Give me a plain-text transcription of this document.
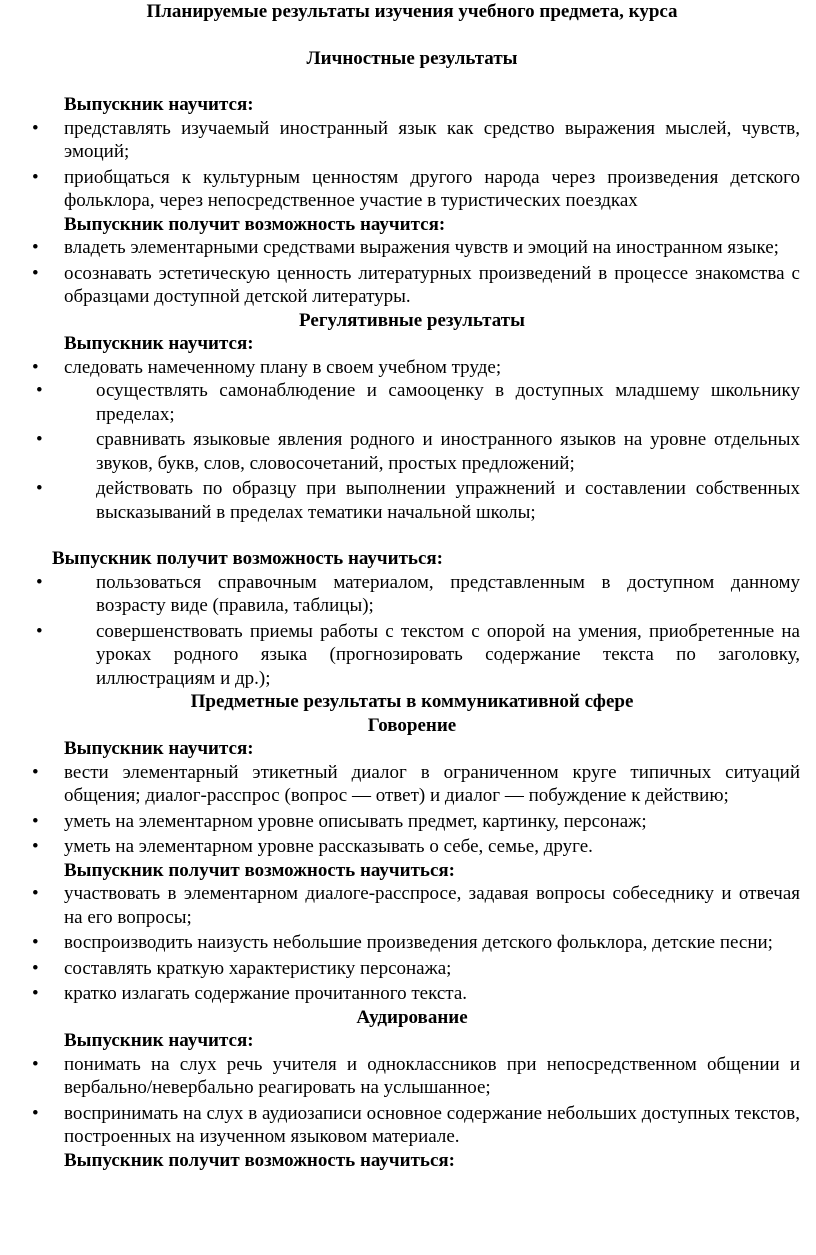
Планируемые результаты изучения учебного предмета, курса

Личностные результаты

Выпускник научится:

•	представлять изучаемый иностранный язык как средство выражения мыслей, чувств, эмоций;
•	приобщаться к культурным ценностям другого народа через произведения детского фольклора, через непосредственное участие в туристических поездках

Выпускник получит возможность научится:

•	владеть элементарными средствами выражения чувств и эмоций на иностранном языке;
•	осознавать эстетическую ценность литературных произведений в процессе знакомства с образцами доступной детской литературы.

Регулятивные результаты

Выпускник научится:

•	следовать намеченному плану в своем учебном труде;
•	осуществлять самонаблюдение и самооценку в доступных младшему школьнику пределах;
•	сравнивать языковые явления родного и иностранного языков на уровне отдельных звуков, букв, слов, словосочетаний, простых предложений;
•	действовать по образцу при выполнении упражнений и составлении собственных высказываний в пределах тематики начальной школы;

Выпускник получит возможность научиться:

•	пользоваться справочным материалом, представленным в доступном данному возрасту виде (правила, таблицы);
•	совершенствовать приемы работы с текстом с опорой на умения, приобретенные на уроках родного языка (прогнозировать содержание текста по заголовку, иллюстрациям и др.);

Предметные результаты в коммуникативной сфере

Говорение

Выпускник научится:

•	вести элементарный этикетный диалог в ограниченном круге типичных ситуаций общения; диалог-расспрос (вопрос — ответ) и диалог — побуждение к действию;
•	уметь на элементарном уровне описывать предмет, картинку, персонаж;
•	уметь на элементарном уровне рассказывать о себе, семье, друге.

Выпускник получит возможность научиться:

•	участвовать в элементарном диалоге-расспросе, задавая вопросы собеседнику и отвечая на его вопросы;
•	воспроизводить наизусть небольшие произведения детского фольклора, детские песни;
•	составлять краткую характеристику персонажа;
•	кратко излагать содержание прочитанного текста.

Аудирование

Выпускник научится:

•	понимать на слух речь учителя и одноклассников при непосредственном общении и вербально/невербально реагировать на услышанное;
•	воспринимать на слух в аудиозаписи основное содержание небольших доступных текстов, построенных на изученном языковом материале.

Выпускник получит возможность научиться:
